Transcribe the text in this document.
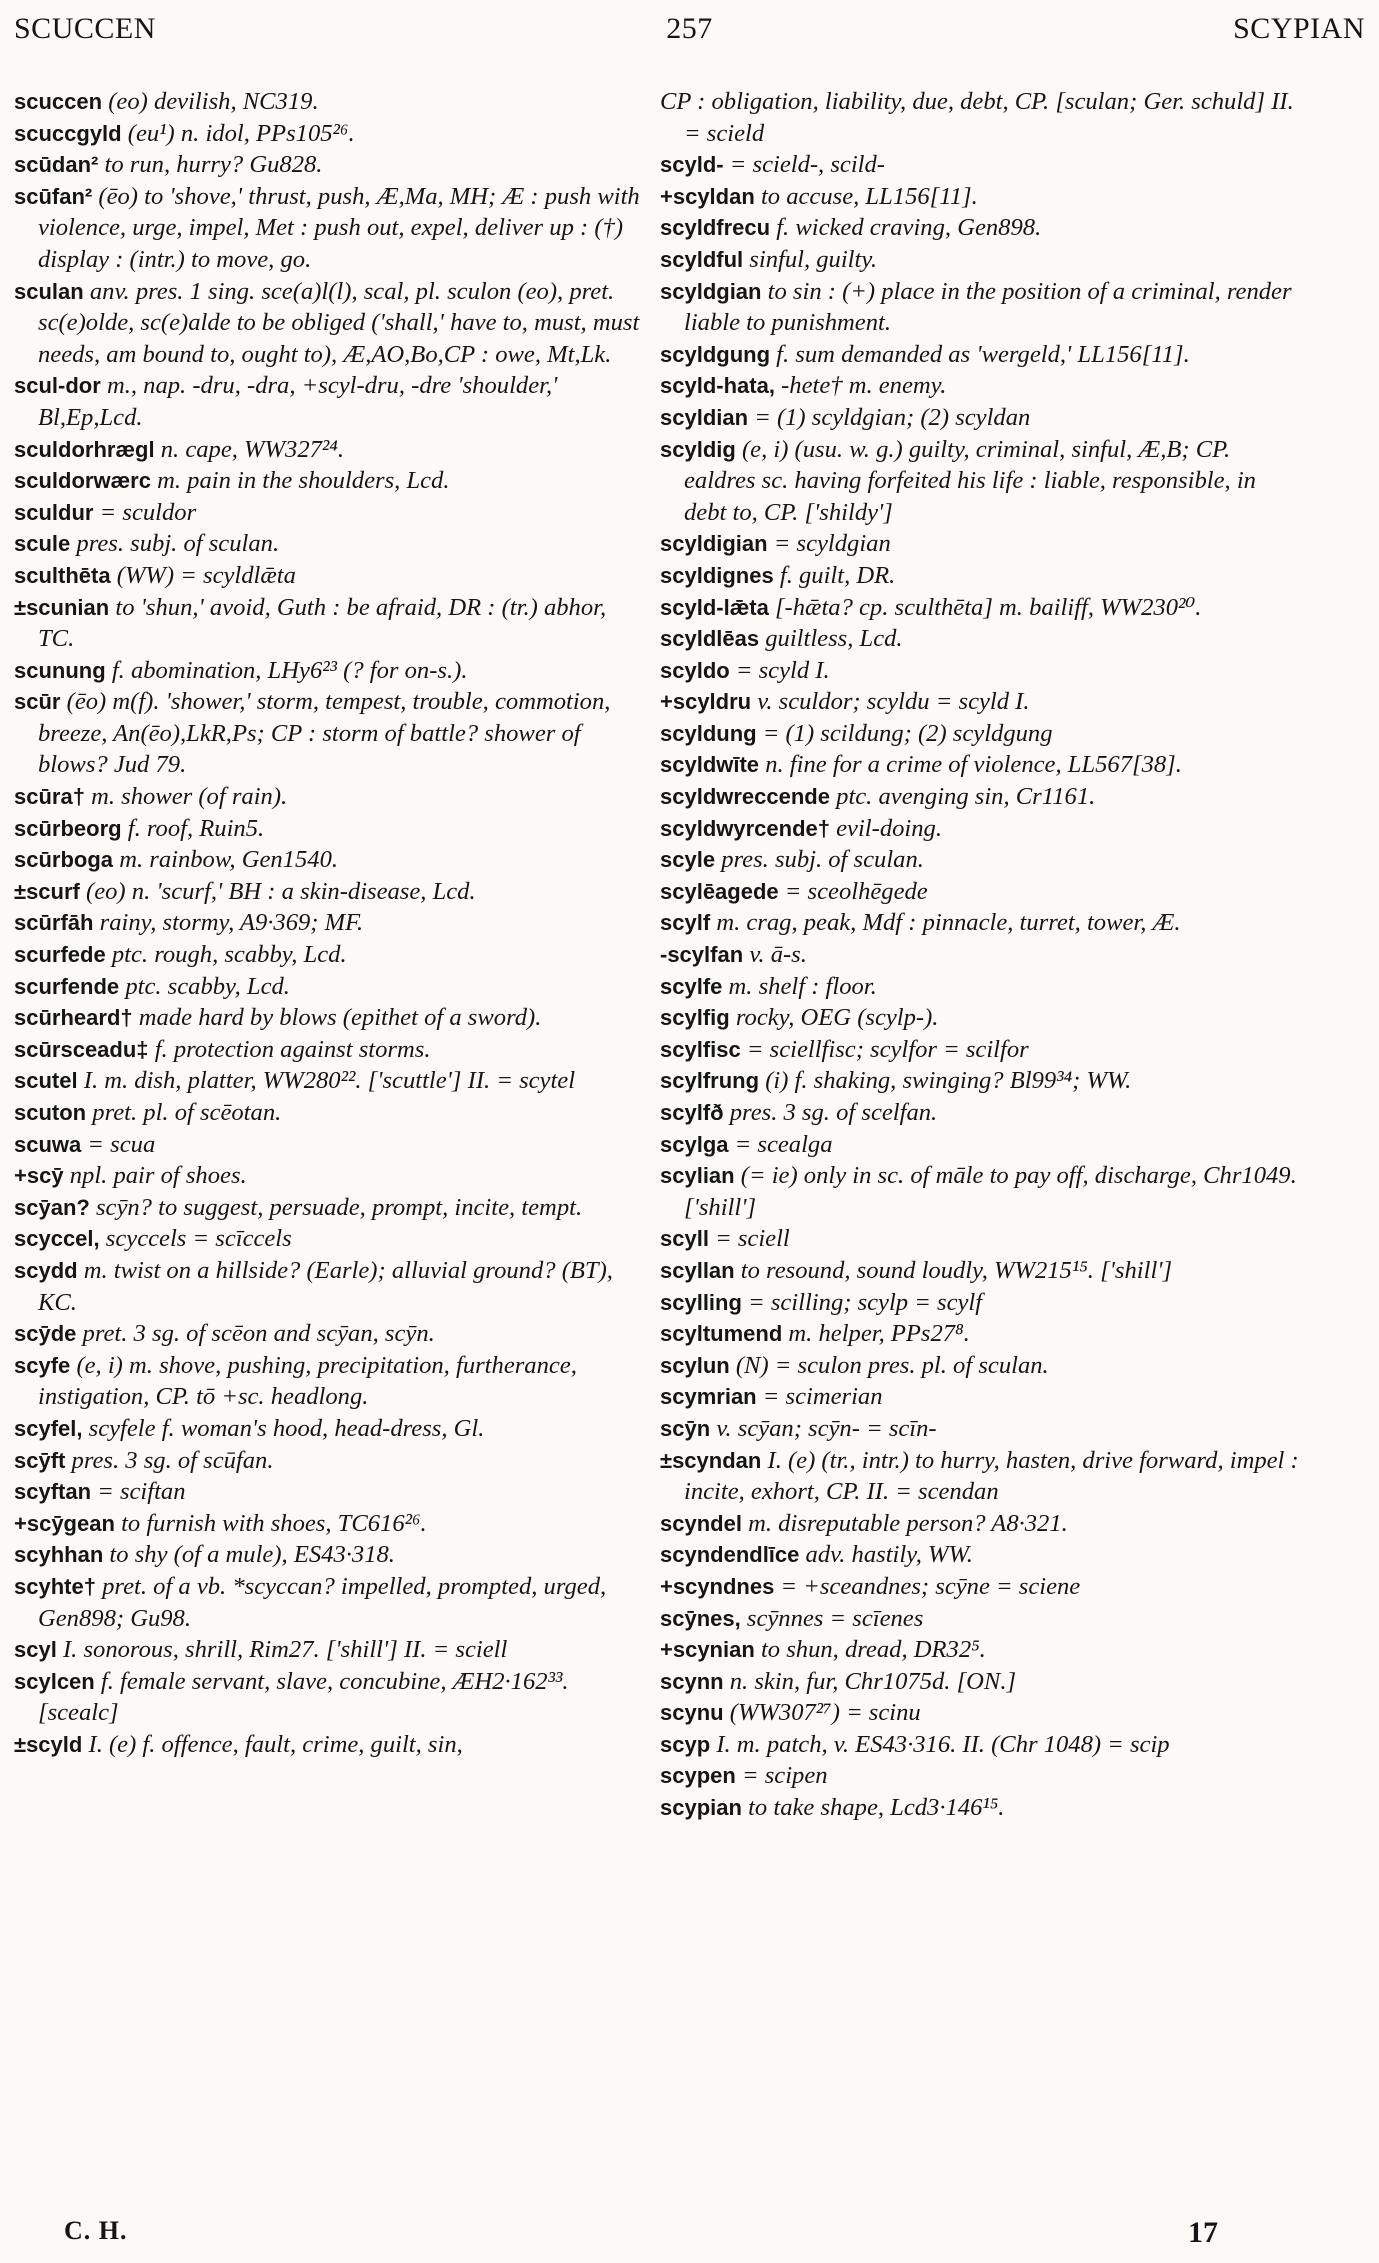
SCUCCEN	257	SCYPIAN

scuccen (eo) devilish, NC319.

scuccgyld (eu¹) n. idol, PPs105²⁶.

scūdan² to run, hurry? Gu828.

scūfan² (ēo) to 'shove,' thrust, push, Æ,Ma, MH; Æ : push with violence, urge, impel, Met : push out, expel, deliver up : (†) display : (intr.) to move, go.

sculan anv. pres. 1 sing. sce(a)l(l), scal, pl. sculon (eo), pret. sc(e)olde, sc(e)alde to be obliged ('shall,' have to, must, must needs, am bound to, ought to), Æ,AO,Bo,CP : owe, Mt,Lk.

scul-dor m., nap. -dru, -dra, +scyl-dru, -dre 'shoulder,' Bl,Ep,Lcd.

sculdorhrægl n. cape, WW327²⁴.

sculdorwærc m. pain in the shoulders, Lcd.

sculdur = sculdor

scule pres. subj. of sculan.

sculthēta (WW) = scyldlǣta

±scunian to 'shun,' avoid, Guth : be afraid, DR : (tr.) abhor, TC.

scunung f. abomination, LHy6²³ (? for on-s.).

scūr (ēo) m(f). 'shower,' storm, tempest, trouble, commotion, breeze, An(ēo),LkR,Ps; CP : storm of battle? shower of blows? Jud 79.

scūra† m. shower (of rain).

scūrbeorg f. roof, Ruin5.

scūrboga m. rainbow, Gen1540.

±scurf (eo) n. 'scurf,' BH : a skin-disease, Lcd.

scūrfāh rainy, stormy, A9·369; MF.

scurfede ptc. rough, scabby, Lcd.

scurfende ptc. scabby, Lcd.

scūrheard† made hard by blows (epithet of a sword).

scūrsceadu‡ f. protection against storms.

scutel I. m. dish, platter, WW280²². ['scuttle'] II. = scytel

scuton pret. pl. of scēotan.

scuwa = scua

+scȳ npl. pair of shoes.

scȳan? scȳn? to suggest, persuade, prompt, incite, tempt.

scyccel, scyccels = scīccels

scydd m. twist on a hillside? (Earle); alluvial ground? (BT), KC.

scȳde pret. 3 sg. of scēon and scȳan, scȳn.

scyfe (e, i) m. shove, pushing, precipitation, furtherance, instigation, CP. tō +sc. headlong.

scyfel, scyfele f. woman's hood, head-dress, Gl.

scȳft pres. 3 sg. of scūfan.

scyftan = sciftan

+scȳgean to furnish with shoes, TC616²⁶.

scyhhan to shy (of a mule), ES43·318.

scyhte† pret. of a vb. *scyccan? impelled, prompted, urged, Gen898; Gu98.

scyl I. sonorous, shrill, Rim27. ['shill'] II. = sciell

scylcen f. female servant, slave, concubine, ÆH2·162³³. [scealc]

±scyld I. (e) f. offence, fault, crime, guilt, sin,

CP : obligation, liability, due, debt, CP. [sculan; Ger. schuld] II. = scield

scyld- = scield-, scild-

+scyldan to accuse, LL156[11].

scyldfrecu f. wicked craving, Gen898.

scyldful sinful, guilty.

scyldgian to sin : (+) place in the position of a criminal, render liable to punishment.

scyldgung f. sum demanded as 'wergeld,' LL156[11].

scyld-hata, -hete† m. enemy.

scyldian = (1) scyldgian; (2) scyldan

scyldig (e, i) (usu. w. g.) guilty, criminal, sinful, Æ,B; CP. ealdres sc. having forfeited his life : liable, responsible, in debt to, CP. ['shildy']

scyldigian = scyldgian

scyldignes f. guilt, DR.

scyld-lǣta [-hǣta? cp. sculthēta] m. bailiff, WW230²⁰.

scyldlēas guiltless, Lcd.

scyldo = scyld I.

+scyldru v. sculdor; scyldu = scyld I.

scyldung = (1) scildung; (2) scyldgung

scyldwīte n. fine for a crime of violence, LL567[38].

scyldwreccende ptc. avenging sin, Cr1161.

scyldwyrcende† evil-doing.

scyle pres. subj. of sculan.

scylēagede = sceolhēgede

scylf m. crag, peak, Mdf : pinnacle, turret, tower, Æ.

-scylfan v. ā-s.

scylfe m. shelf : floor.

scylfig rocky, OEG (scylp-).

scylfisc = sciellfisc; scylfor = scilfor

scylfrung (i) f. shaking, swinging? Bl99³⁴; WW.

scylfð pres. 3 sg. of scelfan.

scylga = scealga

scylian (= ie) only in sc. of māle to pay off, discharge, Chr1049. ['shill']

scyll = sciell

scyllan to resound, sound loudly, WW215¹⁵. ['shill']

scylling = scilling; scylp = scylf

scyltumend m. helper, PPs27⁸.

scylun (N) = sculon pres. pl. of sculan.

scymrian = scimerian

scȳn v. scȳan; scȳn- = scīn-

±scyndan I. (e) (tr., intr.) to hurry, hasten, drive forward, impel : incite, exhort, CP. II. = scendan

scyndel m. disreputable person? A8·321.

scyndendlīce adv. hastily, WW.

+scyndnes = +sceandnes; scȳne = sciene

scȳnes, scȳnnes = scīenes

+scynian to shun, dread, DR32⁵.

scynn n. skin, fur, Chr1075d. [ON.]

scynu (WW307²⁷) = scinu

scyp I. m. patch, v. ES43·316. II. (Chr 1048) = scip

scypen = scipen

scypian to take shape, Lcd3·146¹⁵.

C. H.	17
